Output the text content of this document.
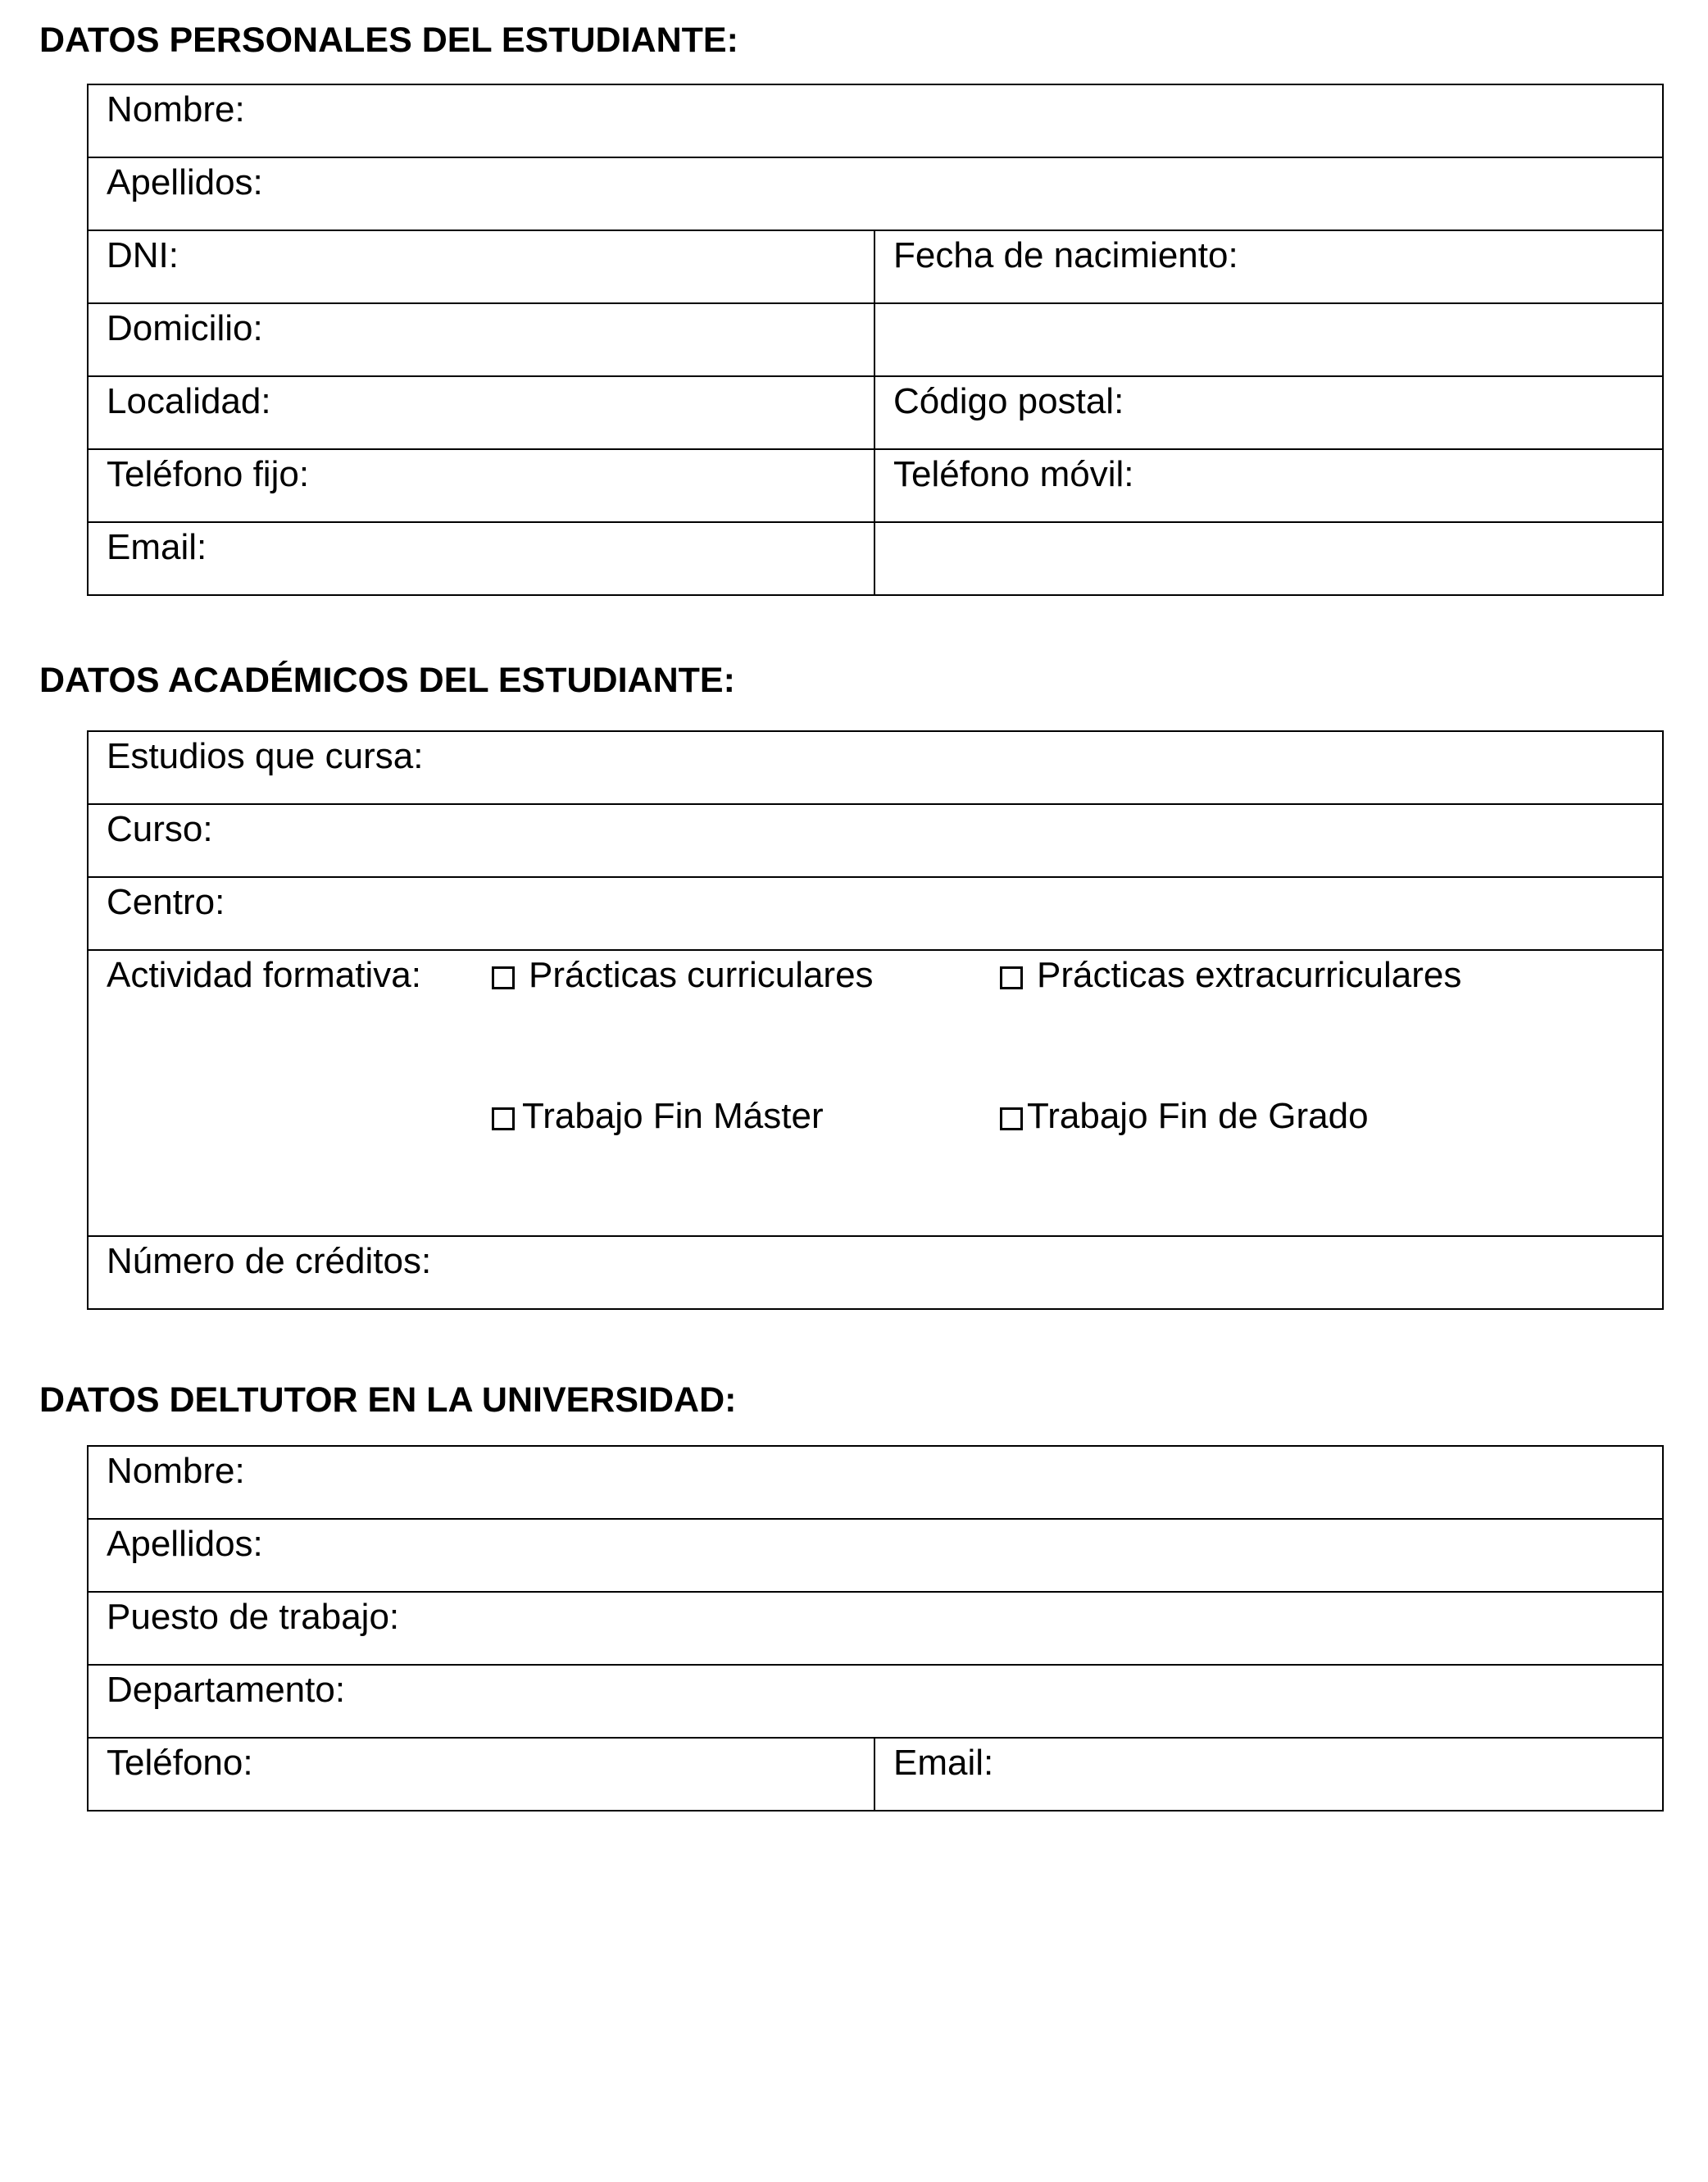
DATOS PERSONALES DEL ESTUDIANTE:
Nombre:	
Apellidos:	
DNI:	Fecha de nacimiento:
Domicilio:	
Localidad:	Código postal:
Teléfono fijo:	Teléfono móvil:
Email:	
DATOS ACADÉMICOS DEL ESTUDIANTE:
Estudios que cursa:
Curso:
Centro:
Actividad formativa:	Prácticas curriculares	Prácticas extracurriculares
Trabajo Fin Máster	Trabajo Fin de Grado

Número de créditos:
DATOS DELTUTOR EN LA UNIVERSIDAD:
Nombre:
Apellidos:
Puesto de trabajo:
Departamento:
Teléfono:	Email:
